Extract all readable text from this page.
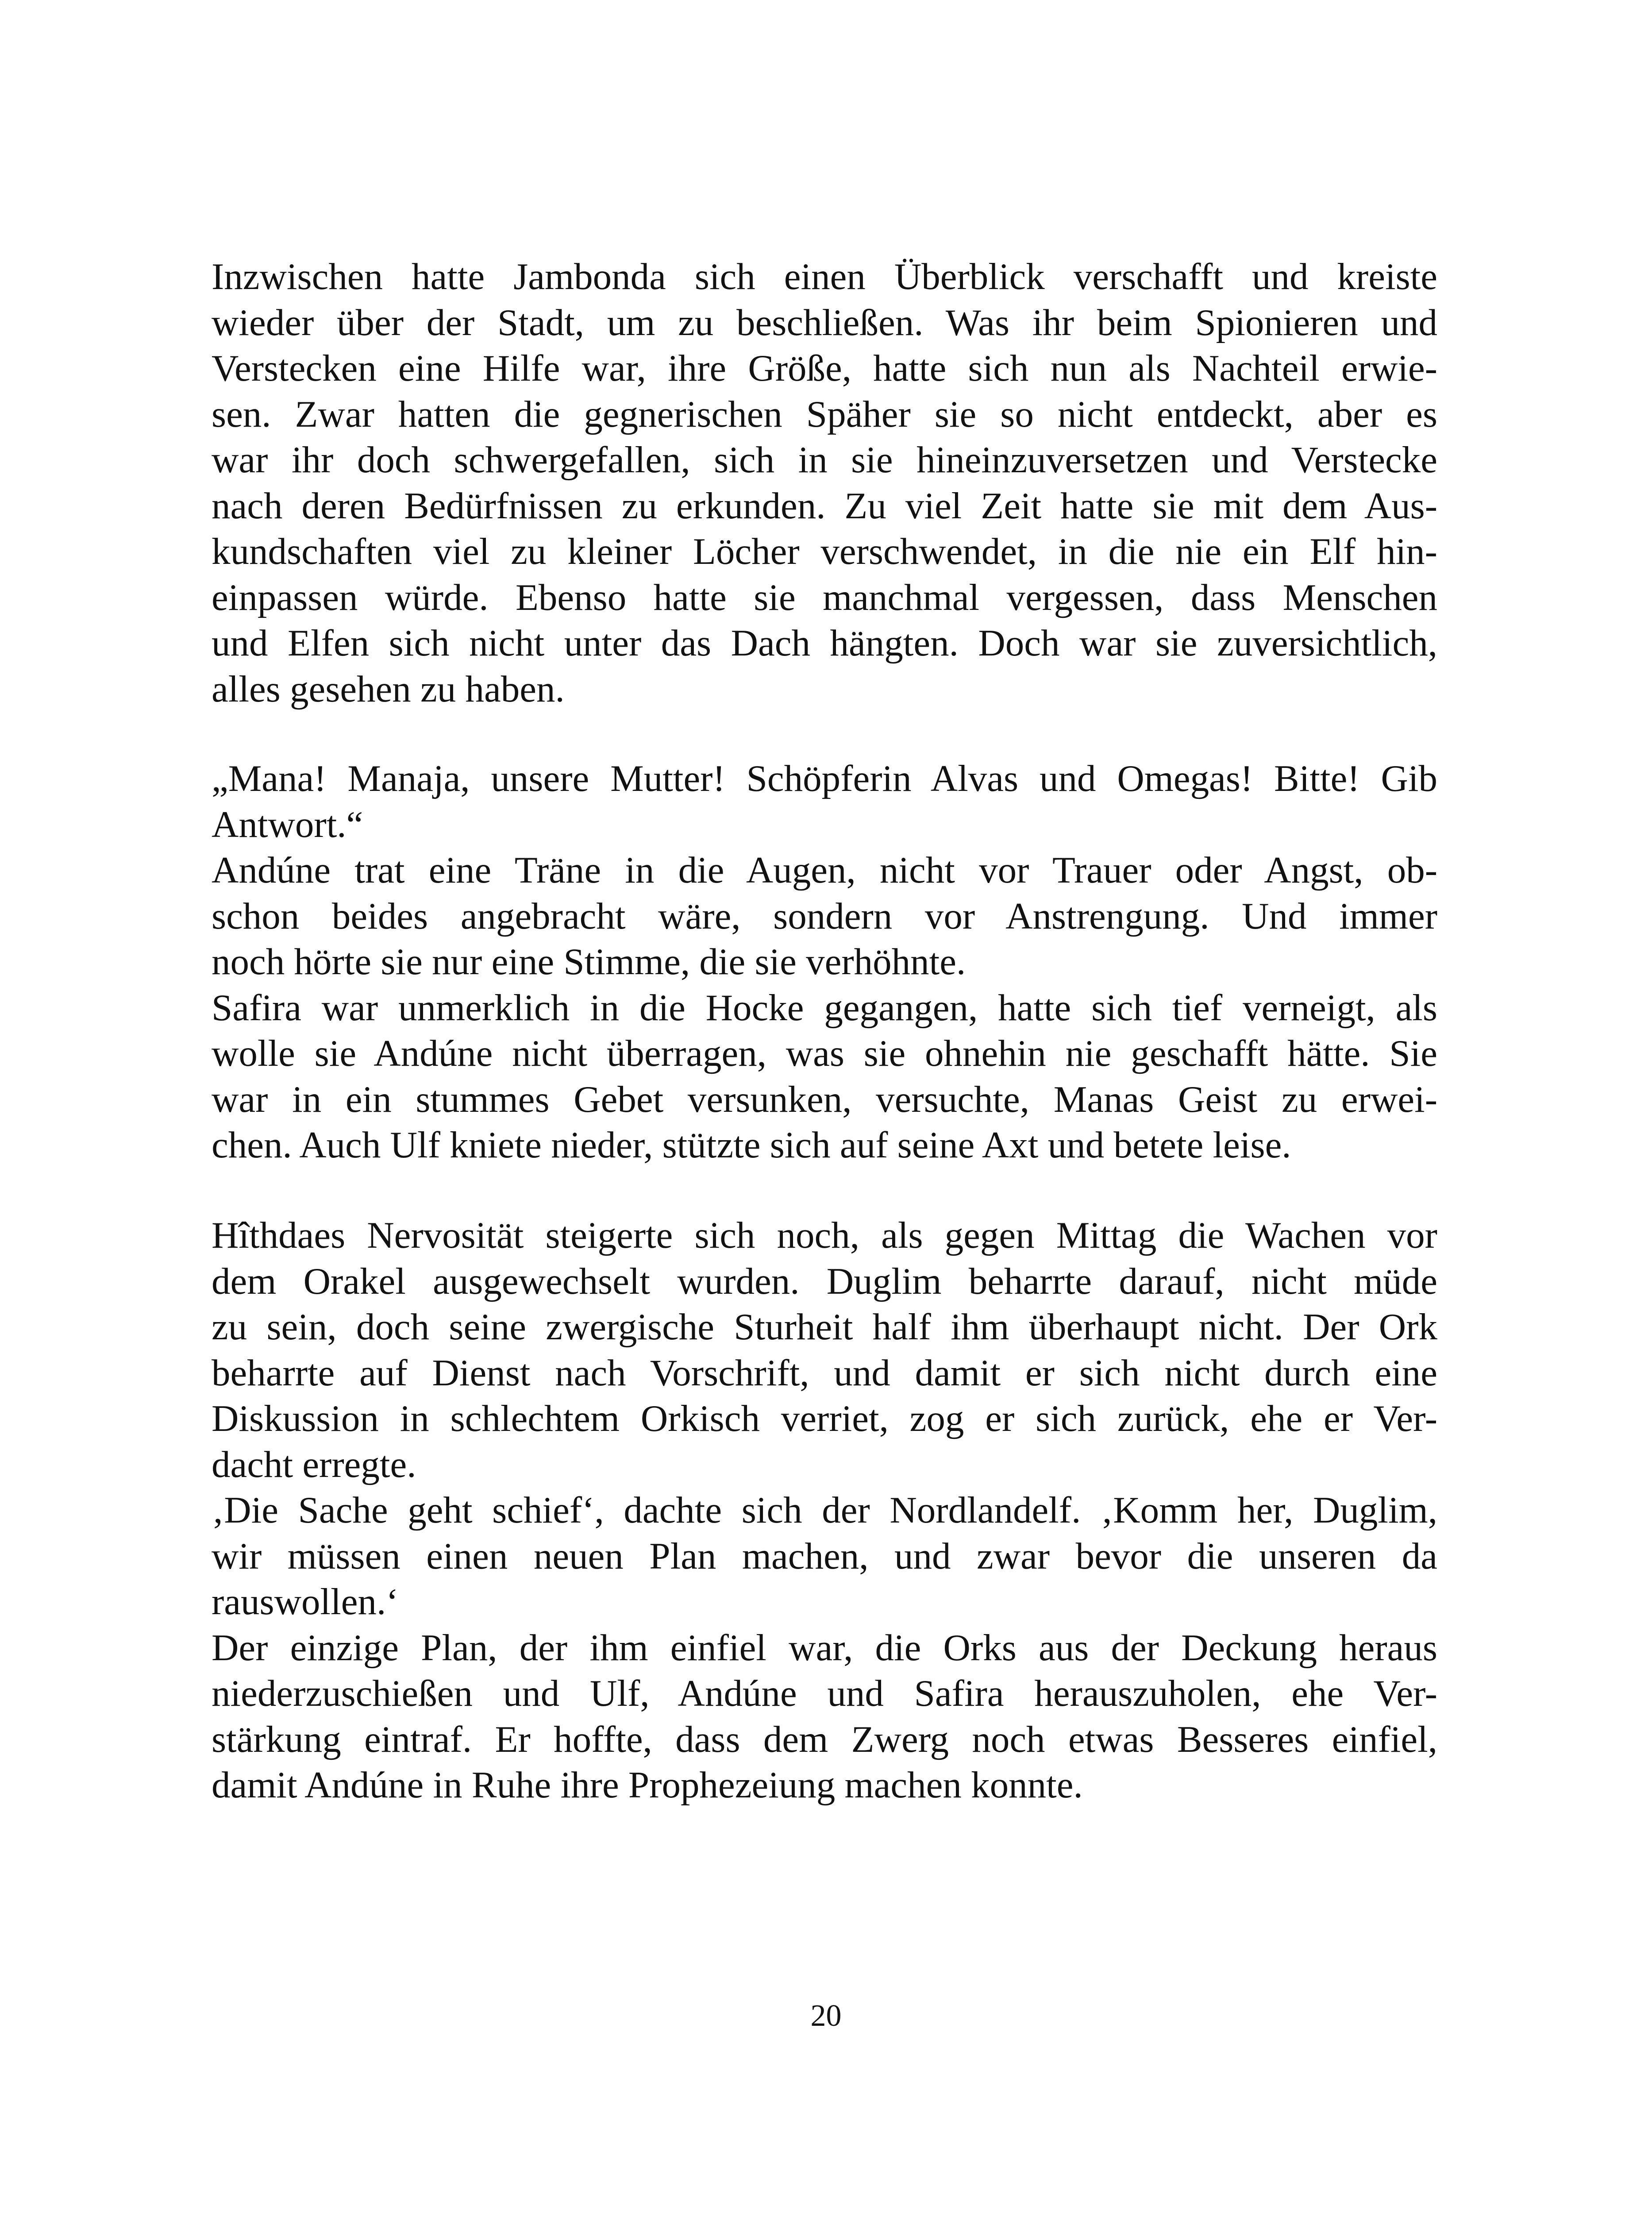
Inzwischen hatte Jambonda sich einen Überblick verschafft und kreiste
wieder über der Stadt, um zu beschließen. Was ihr beim Spionieren und
Verstecken eine Hilfe war, ihre Größe, hatte sich nun als Nachteil erwie-
sen. Zwar hatten die gegnerischen Späher sie so nicht entdeckt, aber es
war ihr doch schwergefallen, sich in sie hineinzuversetzen und Verstecke
nach deren Bedürfnissen zu erkunden. Zu viel Zeit hatte sie mit dem Aus-
kundschaften viel zu kleiner Löcher verschwendet, in die nie ein Elf hin-
einpassen würde. Ebenso hatte sie manchmal vergessen, dass Menschen
und Elfen sich nicht unter das Dach hängten. Doch war sie zuversichtlich,
alles gesehen zu haben.
„Mana! Manaja, unsere Mutter! Schöpferin Alvas und Omegas! Bitte! Gib
Antwort.“
Andúne trat eine Träne in die Augen, nicht vor Trauer oder Angst, ob-
schon beides angebracht wäre, sondern vor Anstrengung. Und immer
noch hörte sie nur eine Stimme, die sie verhöhnte.
Safira war unmerklich in die Hocke gegangen, hatte sich tief verneigt, als
wolle sie Andúne nicht überragen, was sie ohnehin nie geschafft hätte. Sie
war in ein stummes Gebet versunken, versuchte, Manas Geist zu erwei-
chen. Auch Ulf kniete nieder, stützte sich auf seine Axt und betete leise.
Hîthdaes Nervosität steigerte sich noch, als gegen Mittag die Wachen vor
dem Orakel ausgewechselt wurden. Duglim beharrte darauf, nicht müde
zu sein, doch seine zwergische Sturheit half ihm überhaupt nicht. Der Ork
beharrte auf Dienst nach Vorschrift, und damit er sich nicht durch eine
Diskussion in schlechtem Orkisch verriet, zog er sich zurück, ehe er Ver-
dacht erregte.
‚Die Sache geht schief‘, dachte sich der Nordlandelf. ‚Komm her, Duglim,
wir müssen einen neuen Plan machen, und zwar bevor die unseren da
rauswollen.‘
Der einzige Plan, der ihm einfiel war, die Orks aus der Deckung heraus
niederzuschießen und Ulf, Andúne und Safira herauszuholen, ehe Ver-
stärkung eintraf. Er hoffte, dass dem Zwerg noch etwas Besseres einfiel,
damit Andúne in Ruhe ihre Prophezeiung machen konnte.
20
